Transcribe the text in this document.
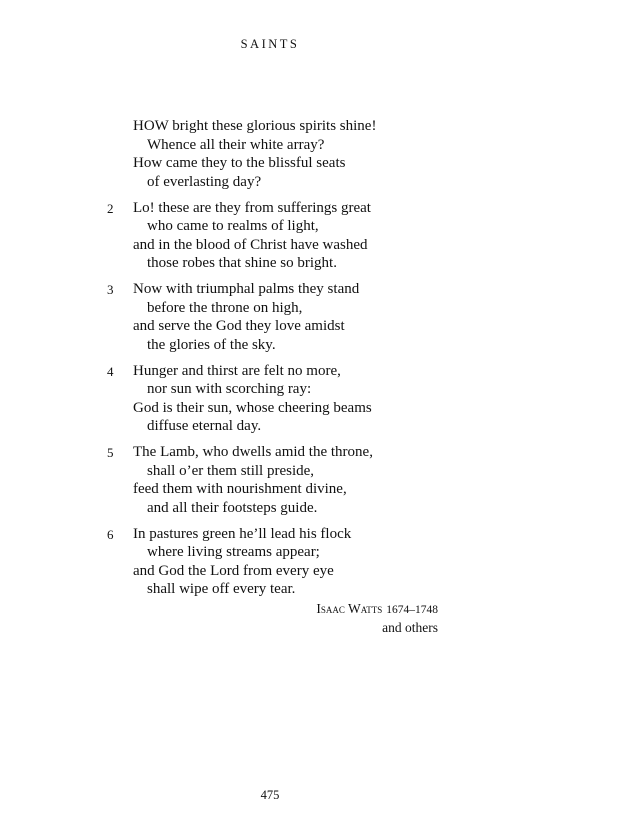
SAINTS
HOW bright these glorious spirits shine!
Whence all their white array?
How came they to the blissful seats
of everlasting day?
2	Lo! these are they from sufferings great
who came to realms of light,
and in the blood of Christ have washed
those robes that shine so bright.
3	Now with triumphal palms they stand
before the throne on high,
and serve the God they love amidst
the glories of the sky.
4	Hunger and thirst are felt no more,
nor sun with scorching ray:
God is their sun, whose cheering beams
diffuse eternal day.
5	The Lamb, who dwells amid the throne,
shall o’er them still preside,
feed them with nourishment divine,
and all their footsteps guide.
6	In pastures green he’ll lead his flock
where living streams appear;
and God the Lord from every eye
shall wipe off every tear.
Isaac Watts 1674–1748
and others
475
